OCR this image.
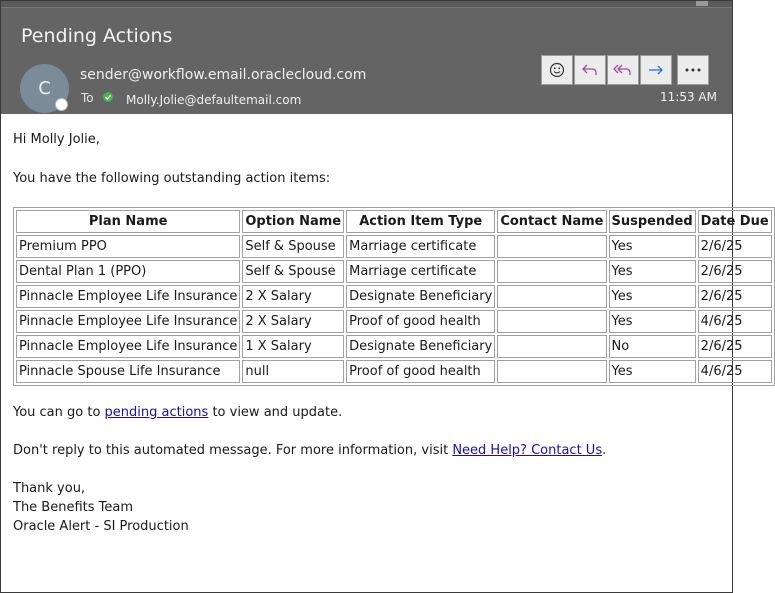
Pending Actions
C
sender@workflow.email.oraclecloud.com
To	Molly.Jolie@defaultemail.com	11:53 AM
Hi Molly Jolie,
You have the following outstanding action items:
Plan Name	Option Name	Action Item Type	Contact Name	Suspended	Date Due
Premium PPO	Self & Spouse	Marriage certificate		Yes	2/6/25
Dental Plan 1 (PPO)	Self & Spouse	Marriage certificate		Yes	2/6/25
Pinnacle Employee Life Insurance	2 X Salary	Designate Beneficiary		Yes	2/6/25
Pinnacle Employee Life Insurance	2 X Salary	Proof of good health		Yes	4/6/25
Pinnacle Employee Life Insurance	1 X Salary	Designate Beneficiary		No	2/6/25
Pinnacle Spouse Life Insurance	null	Proof of good health		Yes	4/6/25
You can go to pending actions to view and update.
Don't reply to this automated message. For more information, visit Need Help? Contact Us.
Thank you,
The Benefits Team
Oracle Alert - SI Production
